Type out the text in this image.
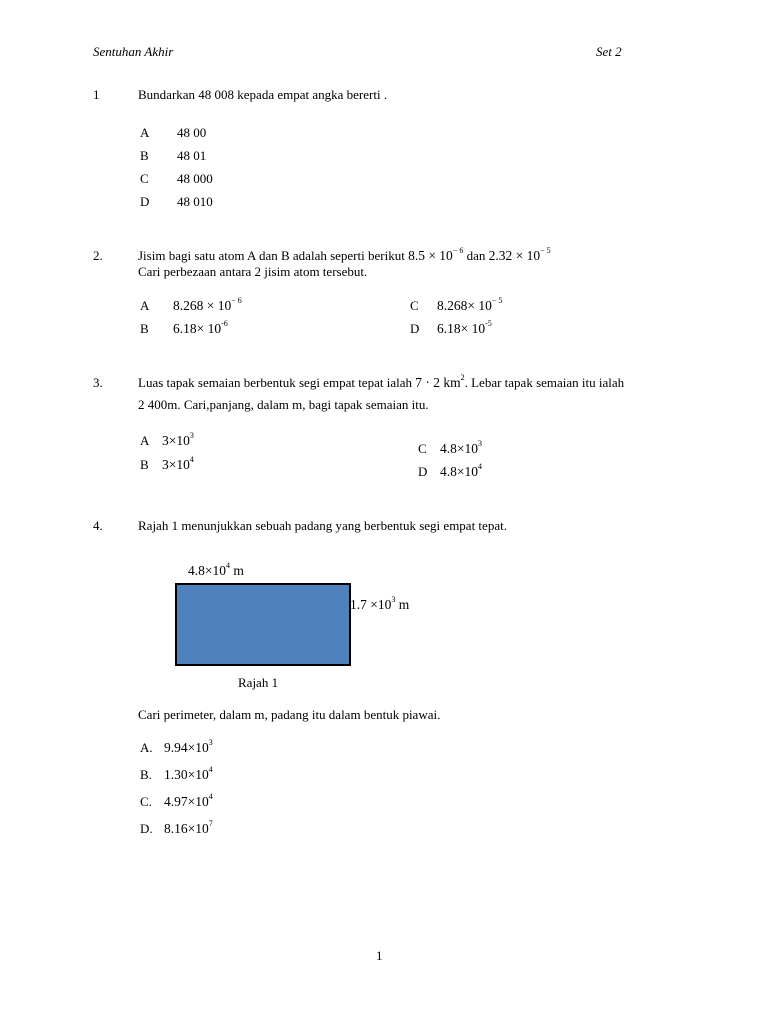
Sentuhan Akhir	Set 2
1	Bundarkan 48 008 kepada empat angka bererti .
A 48 00
B 48 01
C 48 000
D 48 010
2.	Jisim bagi satu atom A dan B adalah seperti berikut $8.5 \times 10^{- 6}$ dan $2.32 \times 10^{- 5}$
Cari perbezaan antara 2 jisim atom tersebut.
A $8.268 \times 10^{- 6}$
B $6.18\times 10^{-6}$
C $8.268\times 10^{- 5}$
D $6.18\times 10^{-5}$
3.	Luas tapak semaian berbentuk segi empat tepat ialah 7 · 2 $km^2$. Lebar tapak semaian itu ialah
2 400m. Cari,panjang, dalam m, bagi tapak semaian itu.
A $3\times 10^3$
B $3\times 10^4$
C $4.8\times 10^3$
D $4.8\times 10^4$
4.	Rajah 1 menunjukkan sebuah padang yang berbentuk segi empat tepat.
$4.8\times 10^4$ m
$1.7 \times 10^3$ m
Rajah 1
Cari perimeter, dalam m, padang itu dalam bentuk piawai.
A. $9.94\times 10^3$
B. $1.30\times 10^4$
C. $4.97\times 10^4$
D. $8.16\times 10^7$
1
